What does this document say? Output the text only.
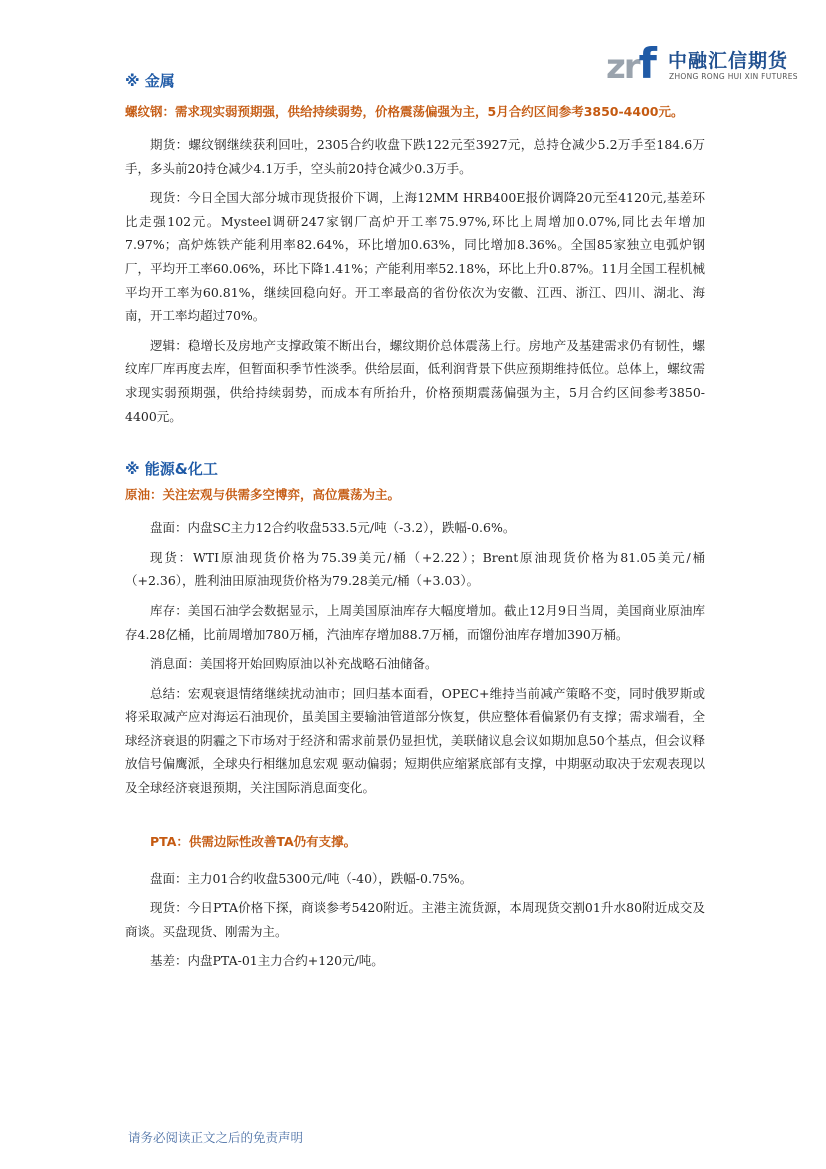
zrf 中融汇信期货
ZHONG RONG HUI XIN FUTURES
※ 金属

螺纹钢：需求现实弱预期强，供给持续弱势，价格震荡偏强为主，5月合约区间参考3850-4400元。

期货：螺纹钢继续获利回吐，2305合约收盘下跌122元至3927元，总持仓减少5.2万手至184.6万手，多头前20持仓减少4.1万手，空头前20持仓减少0.3万手。

现货：今日全国大部分城市现货报价下调，上海12MM HRB400E报价调降20元至4120元,基差环比走强102元。Mysteel调研247家钢厂高炉开工率75.97%,环比上周增加0.07%,同比去年增加7.97%；高炉炼铁产能利用率82.64%，环比增加0.63%，同比增加8.36%。全国85家独立电弧炉钢厂，平均开工率60.06%，环比下降1.41%；产能利用率52.18%，环比上升0.87%。11月全国工程机械平均开工率为60.81%，继续回稳向好。开工率最高的省份依次为安徽、江西、浙江、四川、湖北、海南，开工率均超过70%。

逻辑：稳增长及房地产支撑政策不断出台，螺纹期价总体震荡上行。房地产及基建需求仍有韧性，螺纹库厂库再度去库，但暂面积季节性淡季。供给层面，低利润背景下供应预期维持低位。总体上，螺纹需求现实弱预期强，供给持续弱势，而成本有所抬升，价格预期震荡偏强为主，5月合约区间参考3850-4400元。

※ 能源&化工

原油：关注宏观与供需多空博弈，高位震荡为主。

盘面：内盘SC主力12合约收盘533.5元/吨（-3.2），跌幅-0.6%。

现货：WTI原油现货价格为75.39美元/桶（+2.22）；Brent原油现货价格为81.05美元/桶（+2.36），胜利油田原油现货价格为79.28美元/桶（+3.03）。

库存：美国石油学会数据显示，上周美国原油库存大幅度增加。截止12月9日当周，美国商业原油库存4.28亿桶，比前周增加780万桶，汽油库存增加88.7万桶，而馏份油库存增加390万桶。

消息面：美国将开始回购原油以补充战略石油储备。

总结：宏观衰退情绪继续扰动油市；回归基本面看，OPEC+维持当前减产策略不变，同时俄罗斯或将采取减产应对海运石油现价，虽美国主要输油管道部分恢复，供应整体看偏紧仍有支撑；需求端看，全球经济衰退的阴霾之下市场对于经济和需求前景仍显担忧，美联储议息会议如期加息50个基点，但会议释放信号偏鹰派，全球央行相继加息宏观 驱动偏弱；短期供应缩紧底部有支撑，中期驱动取决于宏观表现以及全球经济衰退预期，关注国际消息面变化。

PTA：供需边际性改善TA仍有支撑。

盘面：主力01合约收盘5300元/吨（-40），跌幅-0.75%。

现货：今日PTA价格下探，商谈参考5420附近。主港主流货源，本周现货交割01升水80附近成交及商谈。买盘现货、刚需为主。

基差：内盘PTA-01主力合约+120元/吨。

请务必阅读正文之后的免责声明
